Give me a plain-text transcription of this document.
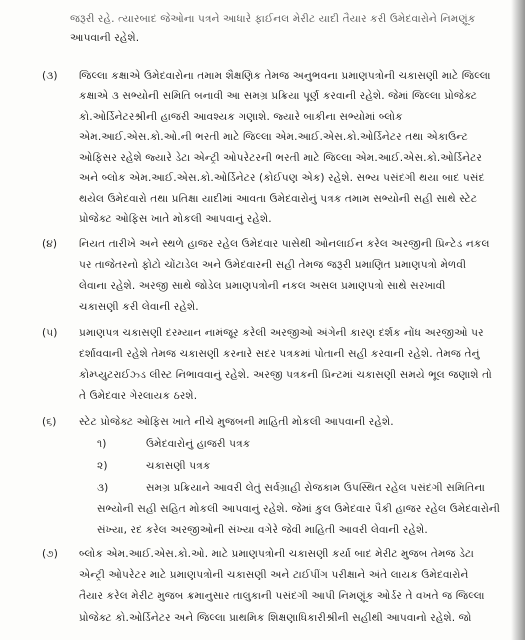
જરૂરી રહે. ત્યારબાદ જેઓના પત્રને આધારે ફાઈનલ મેરીટ યાદી તૈયાર કરી ઉમેદવારોને નિમણૂંક
આપવાની રહેશે.
(૩) જિલ્લા કક્ષાએ ઉમેદવારોના તમામ શૈક્ષણિક તેમજ અનુભવના પ્રમાણપત્રોની ચકાસણી માટે જિલ્લા
કક્ષાએ ૩ સભ્યોની સમિતિ બનાવી આ સમગ્ર પ્રક્રિયા પૂર્ણ કરવાની રહેશે. જેમાં જિલ્લા પ્રોજેક્ટ
કો.ઓર્ડિનેટરશ્રીની હાજરી આવશ્યક ગણાશે. જ્યારે બાકીના સભ્યોમાં બ્લોક
એમ.આઈ.એસ.કો.ઓ.ની ભરતી માટે જિલ્લા એમ.આઈ.એસ.કો.ઓર્ડિનેટર તથા એકાઉન્ટ
ઓફિસર રહેશે જ્યારે ડેટા એન્ટ્રી ઓપરેટરની ભરતી માટે જિલ્લા એમ.આઈ.એસ.કો.ઓર્ડિનેટર
અને બ્લોક એમ.આઈ.એસ.કો.ઓર્ડિનેટર (કોઈપણ એક) રહેશે. સભ્ય પસંદગી થયા બાદ પસંદ
થયેલ ઉમેદવારો તથા પ્રતિક્ષા યાદીમાં આવતા ઉમેદવારોનું પત્રક તમામ સભ્યોની સહી સાથે સ્ટેટ
પ્રોજેક્ટ ઓફિસ ખાતે મોકલી આપવાનું રહેશે.
(૪) નિયત તારીખે અને સ્થળે હાજર રહેલ ઉમેદવાર પાસેથી ઓનલાઈન કરેલ અરજીની પ્રિન્ટેડ નકલ
પર તાજેતરનો ફોટો ચોંટાડેલ અને ઉમેદવારની સહી તેમજ જરૂરી પ્રમાણિત પ્રમાણપત્રો મેળવી
લેવાના રહેશે. અરજી સાથે જોડેલ પ્રમાણપત્રોની નકલ અસલ પ્રમાણપત્રો સાથે સરખાવી
ચકાસણી કરી લેવાની રહેશે.
(૫) પ્રમાણપત્ર ચકાસણી દરમ્યાન નામંજૂર કરેલી અરજીઓ અંગેની કારણ દર્શક નોંધ અરજીઓ પર
દર્શાવવાની રહેશે તેમજ ચકાસણી કરનારે સદર પત્રકમાં પોતાની સહી કરવાની રહેશે. તેમજ તેનું
કોમ્પ્યુટરાઈઝ્ડ લીસ્ટ નિભાવવાનું રહેશે. અરજી પત્રકની પ્રિન્ટમાં ચકાસણી સમયે ભૂલ જણાશે તો
તે ઉમેદવાર ગેરલાયક ઠરશે.
(૬) સ્ટેટ પ્રોજેક્ટ ઓફિસ ખાતે નીચે મુજબની માહિતી મોકલી આપવાની રહેશે.
૧)	ઉમેદવારોનું હાજરી પત્રક
૨)	ચકાસણી પત્રક
૩)	સમગ્ર પ્રક્રિયાને આવરી લેતું સર્વગ્રાહી રોજકામ ઉપસ્થિત રહેલ પસંદગી સમિતિના
સભ્યોની સહી સહિત મોકલી આપવાનું રહેશે. જેમાં કુલ ઉમેદવાર પૈકી હાજર રહેલ ઉમેદવારોની
સંખ્યા, રદ કરેલ અરજીઓની સંખ્યા વગેરે જેવી માહિતી આવરી લેવાની રહેશે.
(૭) બ્લોક એમ.આઈ.એસ.કો.ઓ. માટે પ્રમાણપત્રોની ચકાસણી કર્યા બાદ મેરીટ મુજબ તેમજ ડેટા
એન્ટ્રી ઓપરેટર માટે પ્રમાણપત્રોની ચકાસણી અને ટાઈપીંગ પરીક્ષાને અંતે લાયક ઉમેદવારોને
તૈયાર કરેલ મેરીટ મુજબ ક્રમાનુસાર તાલુકાની પસંદગી આપી નિમણૂંક ઓર્ડર તે વખતે જ જિલ્લા
પ્રોજેક્ટ કો.ઓર્ડિનેટર અને જિલ્લા પ્રાથમિક શિક્ષણાધિકારીશ્રીની સહીથી આપવાનો રહેશે. જો
